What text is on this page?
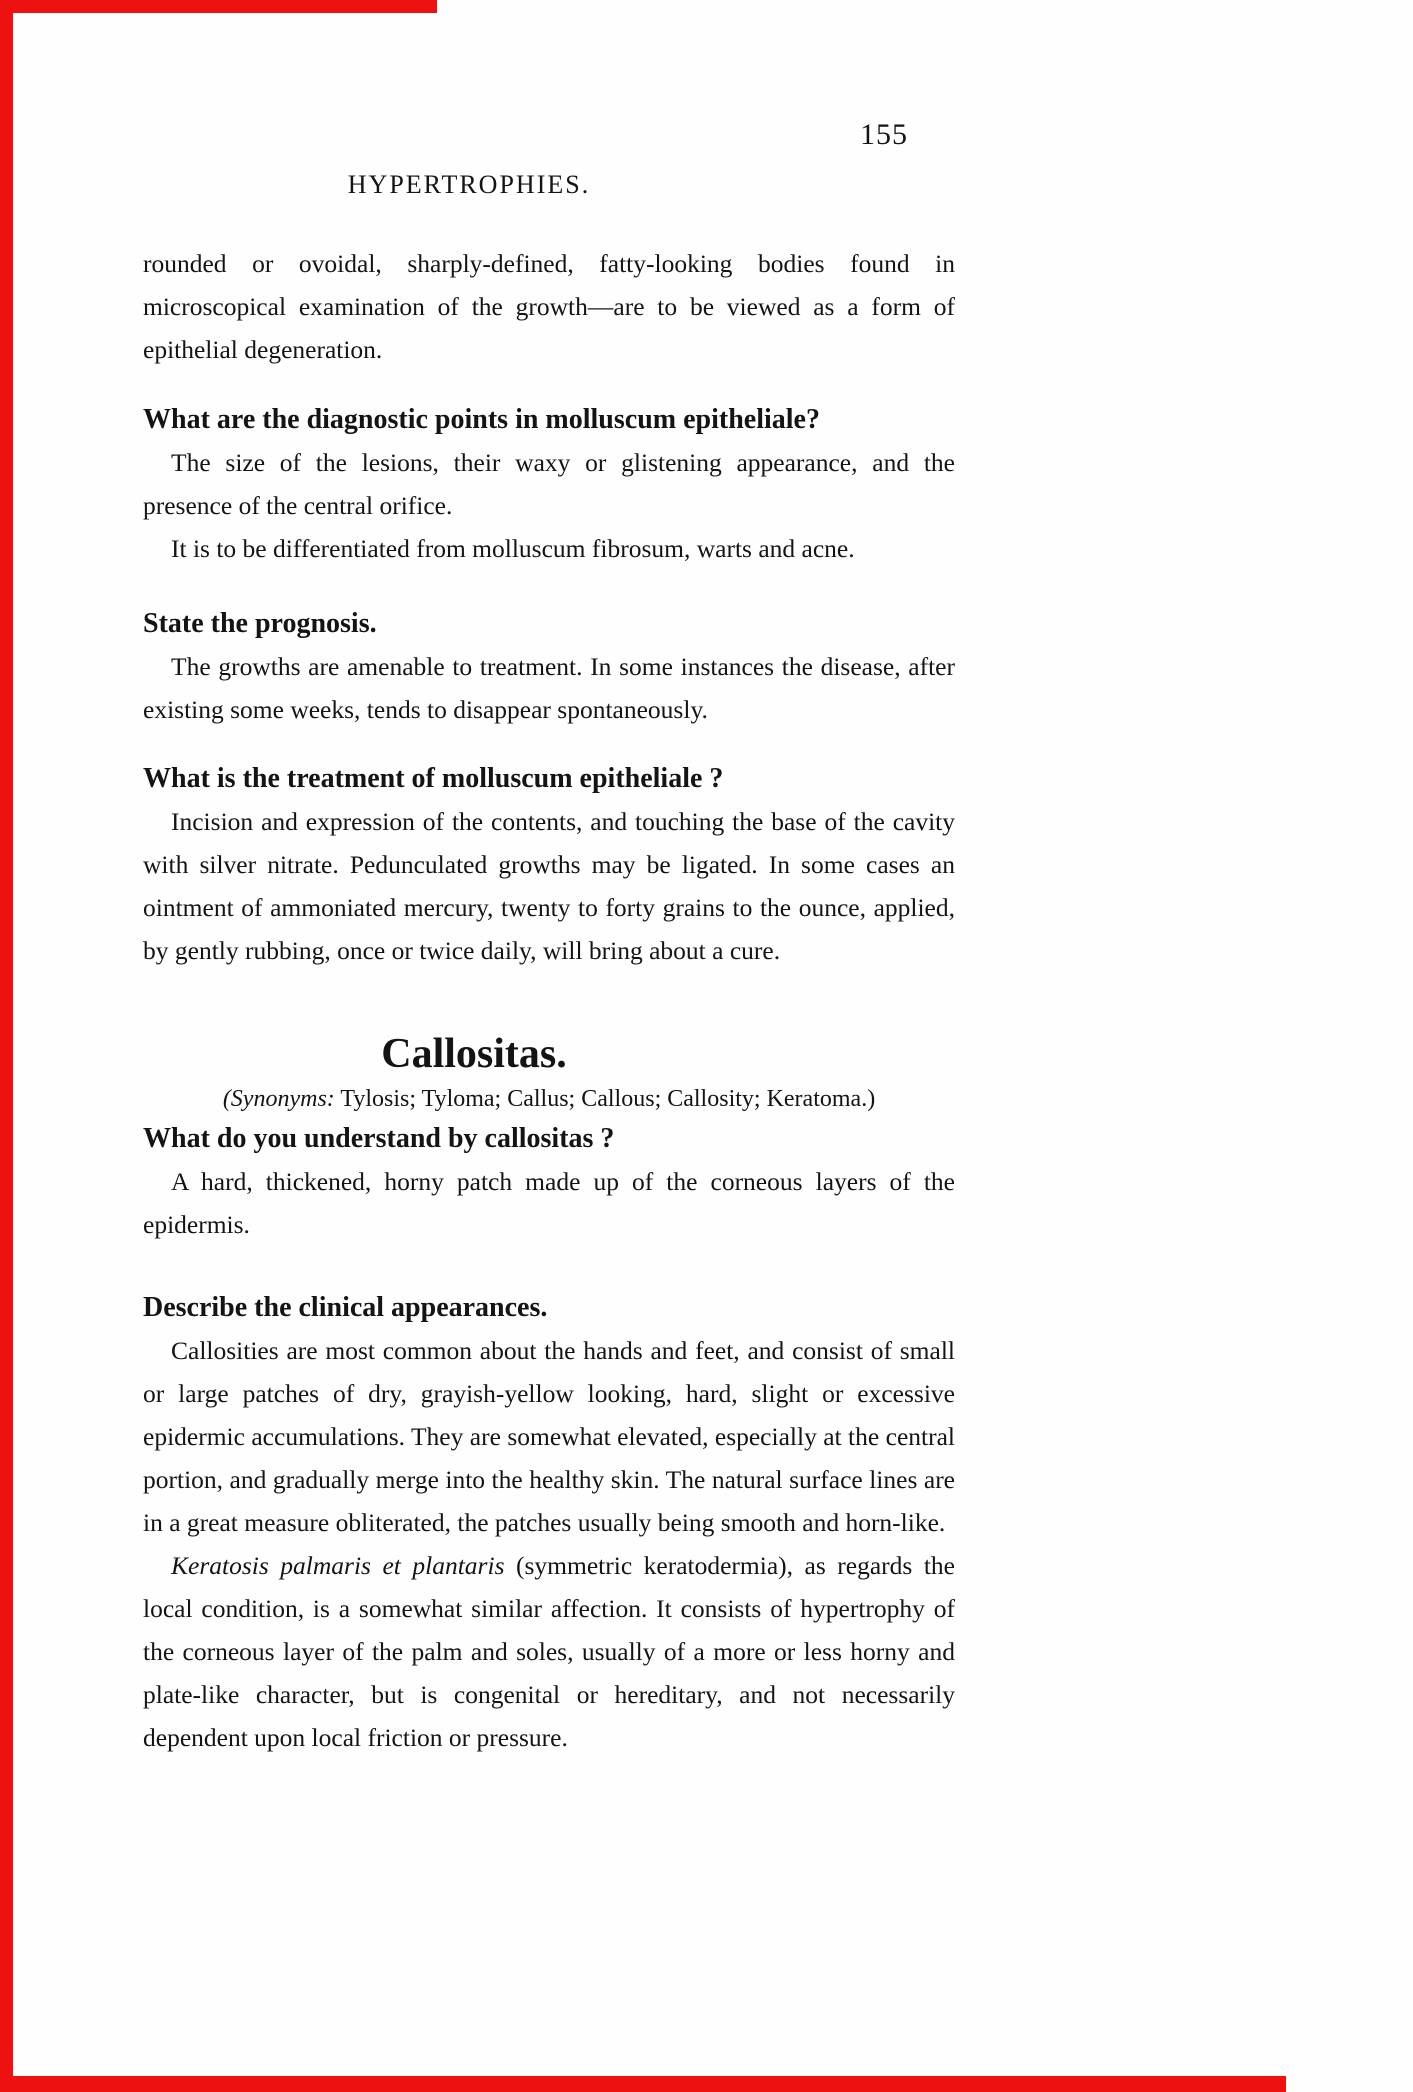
155
HYPERTROPHIES.

rounded or ovoidal, sharply-defined, fatty-looking bodies found in microscopical examination of the growth—are to be viewed as a form of epithelial degeneration.

What are the diagnostic points in molluscum epitheliale?

The size of the lesions, their waxy or glistening appearance, and the presence of the central orifice.

It is to be differentiated from molluscum fibrosum, warts and acne.

State the prognosis.

The growths are amenable to treatment. In some instances the disease, after existing some weeks, tends to disappear spontaneously.

What is the treatment of molluscum epitheliale ?

Incision and expression of the contents, and touching the base of the cavity with silver nitrate. Pedunculated growths may be ligated. In some cases an ointment of ammoniated mercury, twenty to forty grains to the ounce, applied, by gently rubbing, once or twice daily, will bring about a cure.

Callositas.

(Synonyms: Tylosis; Tyloma; Callus; Callous; Callosity; Keratoma.)

What do you understand by callositas ?

A hard, thickened, horny patch made up of the corneous layers of the epidermis.

Describe the clinical appearances.

Callosities are most common about the hands and feet, and consist of small or large patches of dry, grayish-yellow looking, hard, slight or excessive epidermic accumulations. They are somewhat elevated, especially at the central portion, and gradually merge into the healthy skin. The natural surface lines are in a great measure obliterated, the patches usually being smooth and horn-like.

Keratosis palmaris et plantaris (symmetric keratodermia), as regards the local condition, is a somewhat similar affection. It consists of hypertrophy of the corneous layer of the palm and soles, usually of a more or less horny and plate-like character, but is congenital or hereditary, and not necessarily dependent upon local friction or pressure.
